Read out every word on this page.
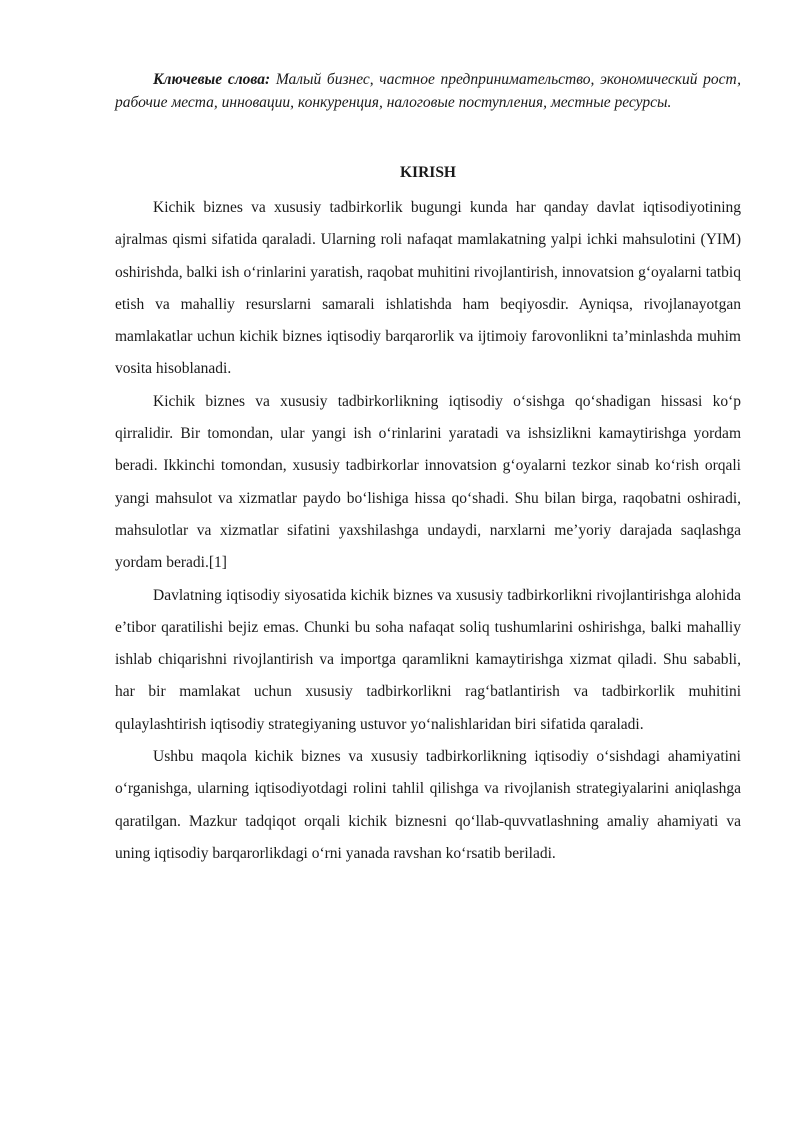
Ключевые слова: Малый бизнес, частное предпринимательство, экономический рост, рабочие места, инновации, конкуренция, налоговые поступления, местные ресурсы.

KIRISH

Kichik biznes va xususiy tadbirkorlik bugungi kunda har qanday davlat iqtisodiyotining ajralmas qismi sifatida qaraladi. Ularning roli nafaqat mamlakatning yalpi ichki mahsulotini (YIM) oshirishda, balki ish o‘rinlarini yaratish, raqobat muhitini rivojlantirish, innovatsion g‘oyalarni tatbiq etish va mahalliy resurslarni samarali ishlatishda ham beqiyosdir. Ayniqsa, rivojlanayotgan mamlakatlar uchun kichik biznes iqtisodiy barqarorlik va ijtimoiy farovonlikni ta’minlashda muhim vosita hisoblanadi.

Kichik biznes va xususiy tadbirkorlikning iqtisodiy o‘sishga qo‘shadigan hissasi ko‘p qirralidir. Bir tomondan, ular yangi ish o‘rinlarini yaratadi va ishsizlikni kamaytirishga yordam beradi. Ikkinchi tomondan, xususiy tadbirkorlar innovatsion g‘oyalarni tezkor sinab ko‘rish orqali yangi mahsulot va xizmatlar paydo bo‘lishiga hissa qo‘shadi. Shu bilan birga, raqobatni oshiradi, mahsulotlar va xizmatlar sifatini yaxshilashga undaydi, narxlarni me’yoriy darajada saqlashga yordam beradi.[1]

Davlatning iqtisodiy siyosatida kichik biznes va xususiy tadbirkorlikni rivojlantirishga alohida e’tibor qaratilishi bejiz emas. Chunki bu soha nafaqat soliq tushumlarini oshirishga, balki mahalliy ishlab chiqarishni rivojlantirish va importga qaramlikni kamaytirishga xizmat qiladi. Shu sababli, har bir mamlakat uchun xususiy tadbirkorlikni rag‘batlantirish va tadbirkorlik muhitini qulaylashtirish iqtisodiy strategiyaning ustuvor yo‘nalishlaridan biri sifatida qaraladi.

Ushbu maqola kichik biznes va xususiy tadbirkorlikning iqtisodiy o‘sishdagi ahamiyatini o‘rganishga, ularning iqtisodiyotdagi rolini tahlil qilishga va rivojlanish strategiyalarini aniqlashga qaratilgan. Mazkur tadqiqot orqali kichik biznesni qo‘llab-quvvatlashning amaliy ahamiyati va uning iqtisodiy barqarorlikdagi o‘rni yanada ravshan ko‘rsatib beriladi.
